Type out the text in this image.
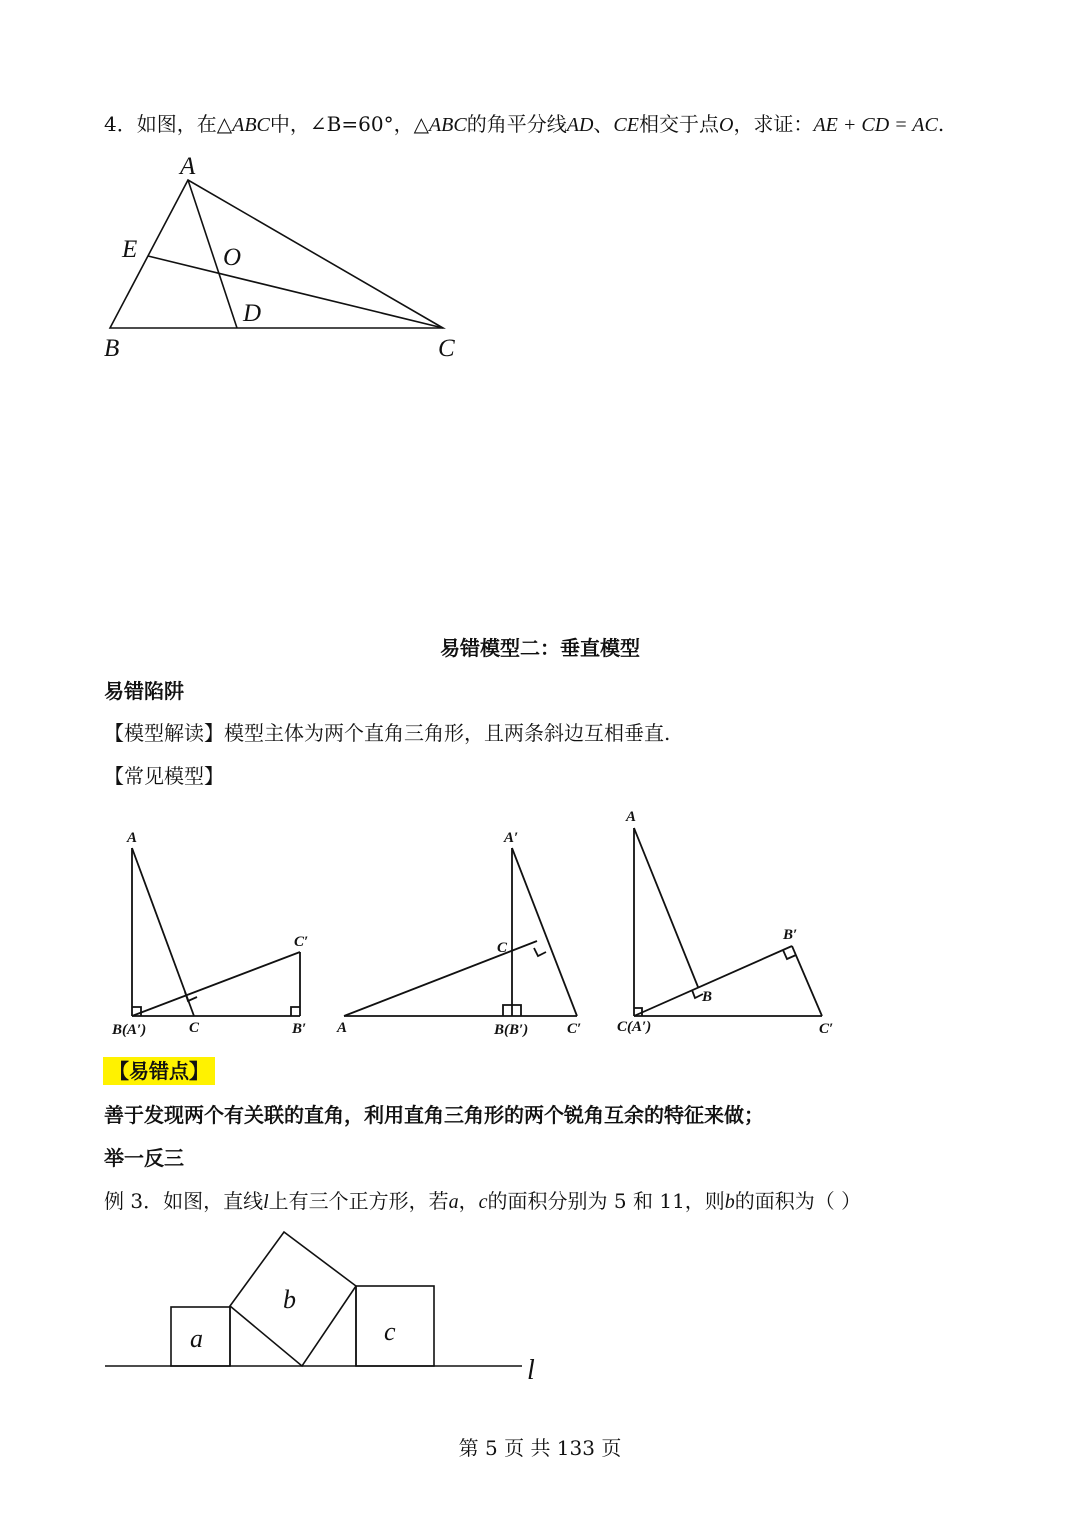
4．如图，在△ABC中，∠B=60°，△ABC的角平分线AD、CE相交于点O，求证：AE + CD = AC.
A
B	C
D
E	O
易错模型二：垂直模型
易错陷阱
【模型解读】模型主体为两个直角三角形，且两条斜边互相垂直.
【常见模型】
A
B(A′)	C	B′
C′
A′
C
A	B(B′)	C′
A
B′
B
C(A′)	C′
【易错点】
善于发现两个有关联的直角，利用直角三角形的两个锐角互余的特征来做；
举一反三
例 3．如图，直线l上有三个正方形，若a，c的面积分别为 5 和 11，则b的面积为（ ）
a
b
c
l
第 5 页 共 133 页
